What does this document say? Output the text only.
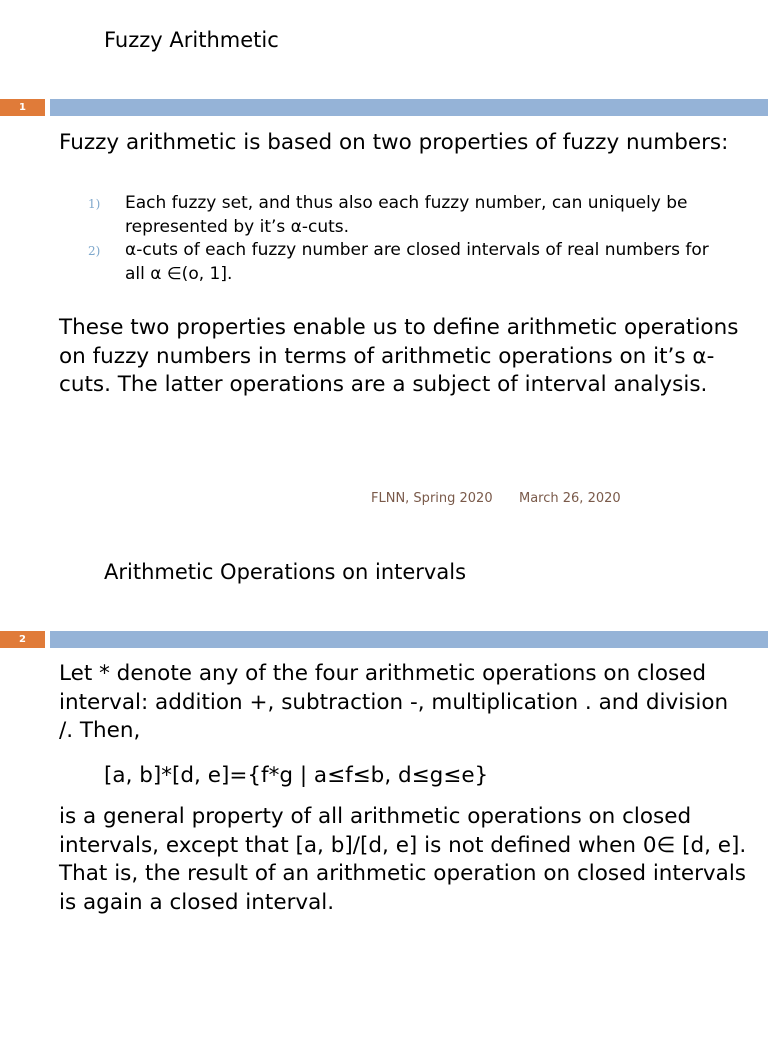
Fuzzy Arithmetic
1

Fuzzy arithmetic is based on two properties of fuzzy numbers:

1) Each fuzzy set, and thus also each fuzzy number, can uniquely be represented by it’s α-cuts.
2) α-cuts of each fuzzy number are closed intervals of real numbers for all α ∈(o, 1].

These two properties enable us to define arithmetic operations on fuzzy numbers in terms of arithmetic operations on it’s α-cuts. The latter operations are a subject of interval analysis.

FLNN, Spring 2020 March 26, 2020
Arithmetic Operations on intervals
2

Let * denote any of the four arithmetic operations on closed interval: addition +, subtraction -, multiplication . and division /. Then,

[a, b]*[d, e]={f*g | a≤f≤b, d≤g≤e}

is a general property of all arithmetic operations on closed intervals, except that [a, b]/[d, e] is not defined when 0∈ [d, e]. That is, the result of an arithmetic operation on closed intervals is again a closed interval.
